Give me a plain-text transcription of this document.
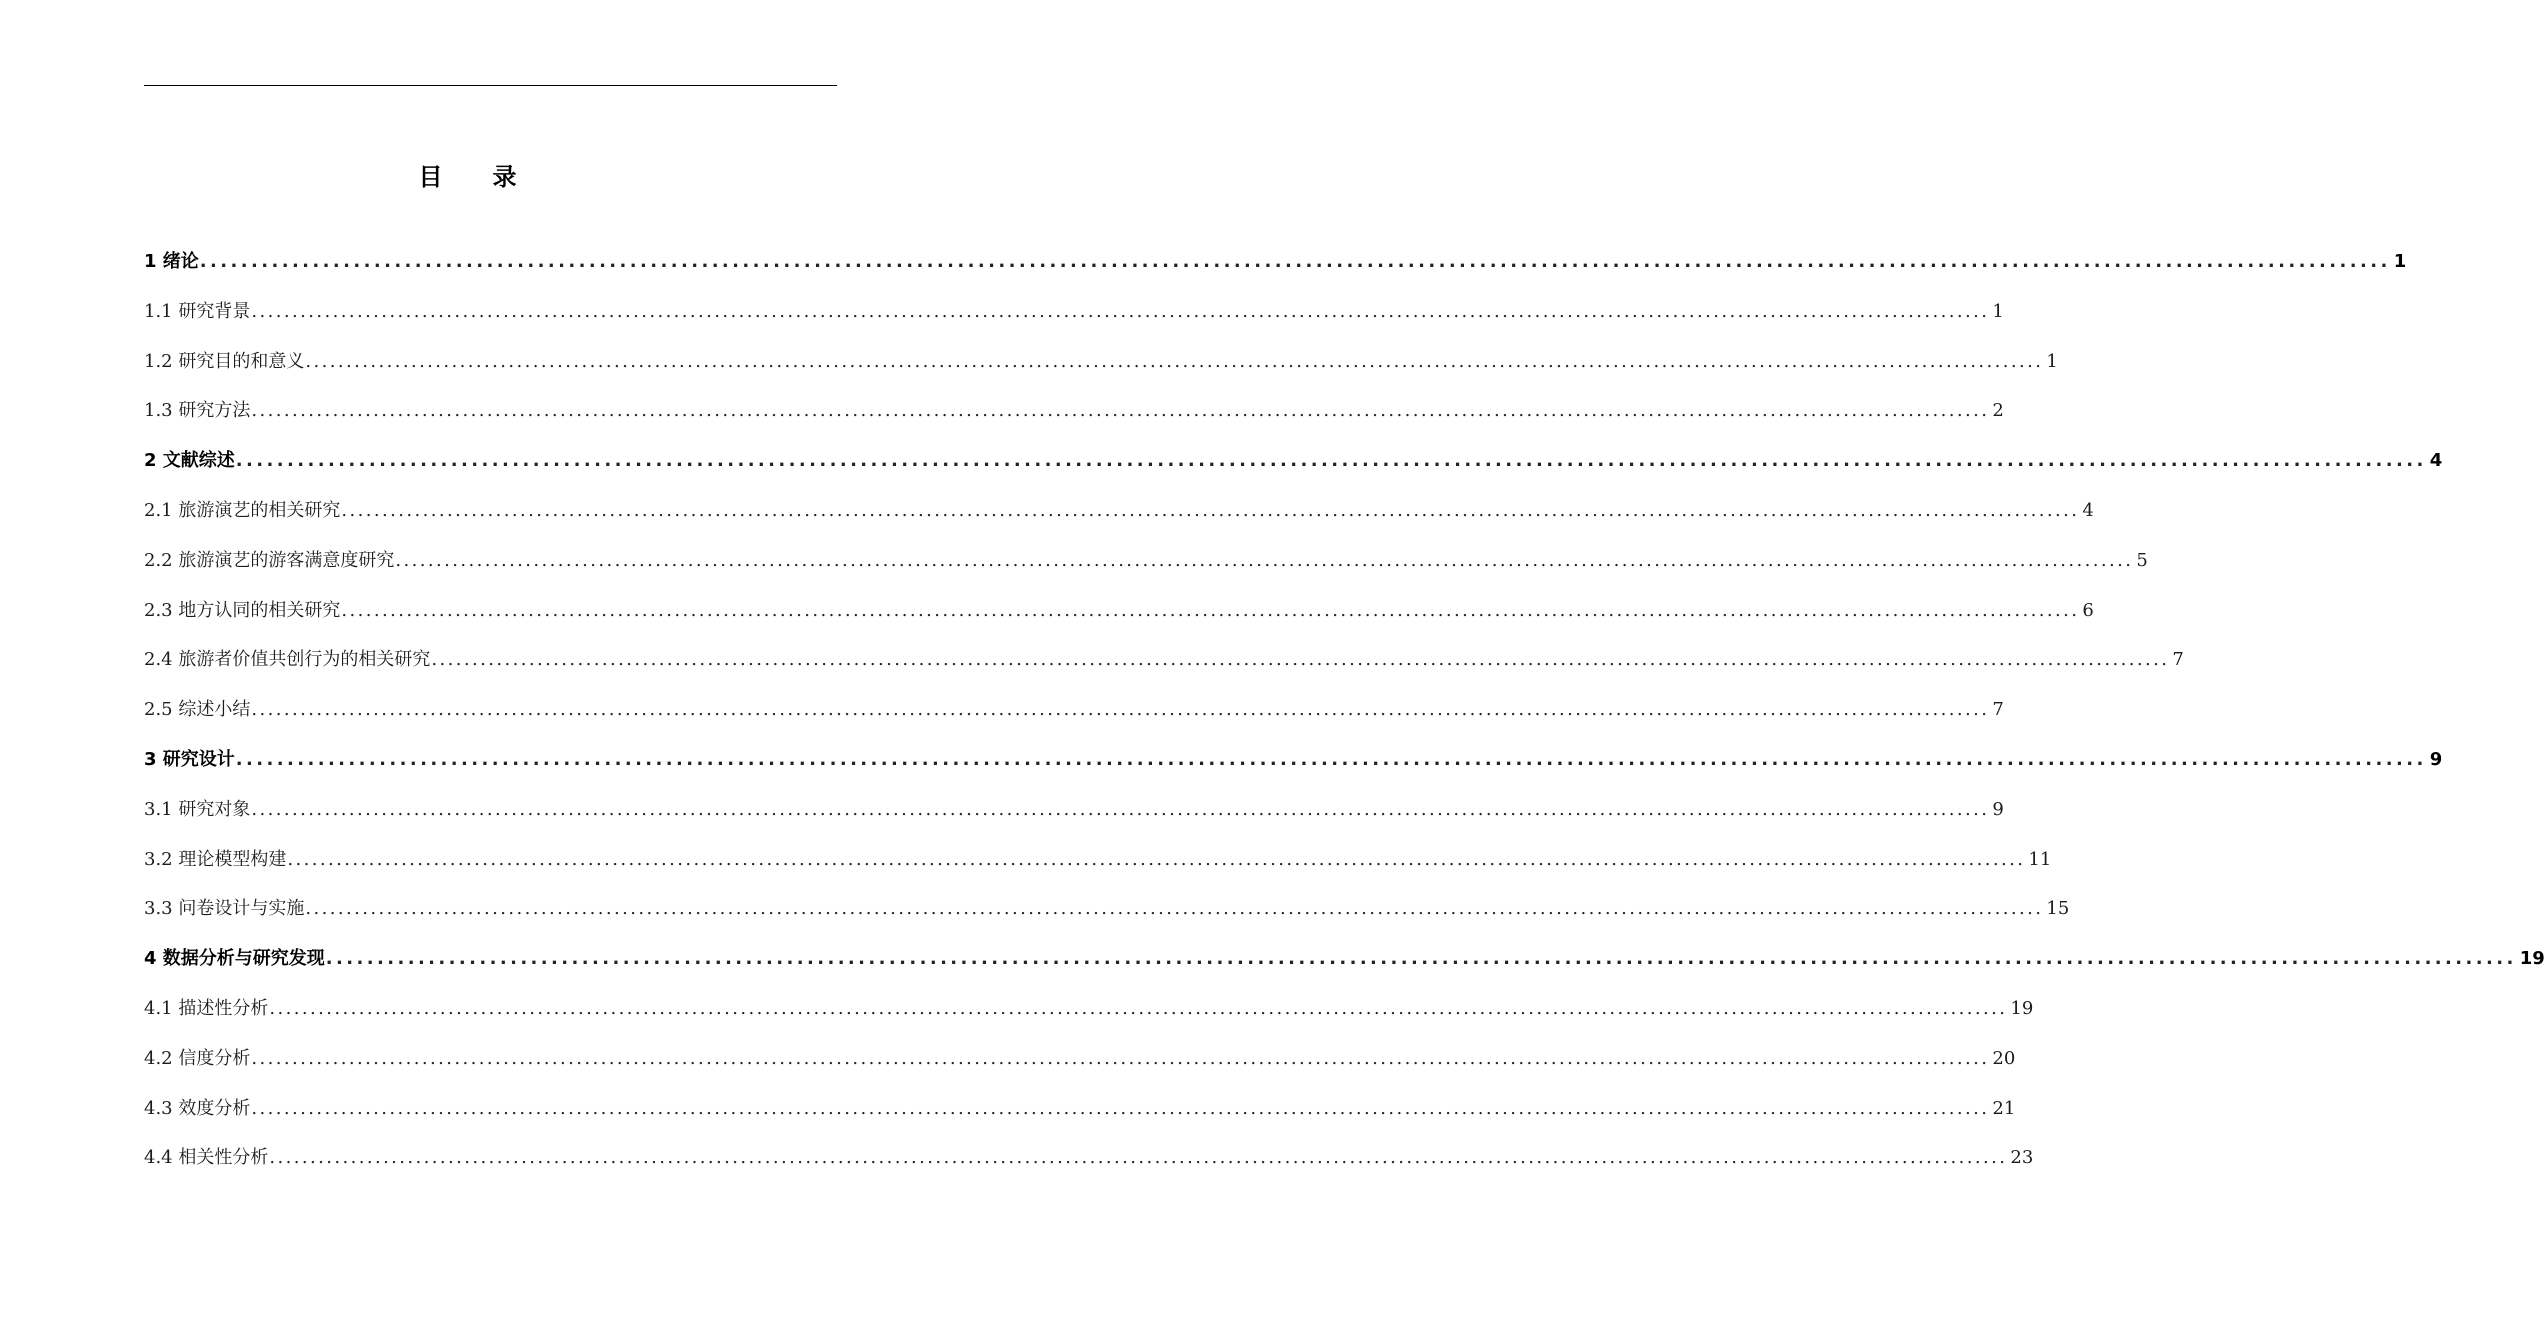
目录
1 绪论 ...................................................................................................................................................................................................................... 1
1.1 研究背景 ...................................................................................................................................................................................................................... 1
1.2 研究目的和意义 ...................................................................................................................................................................................................................... 1
1.3 研究方法 ...................................................................................................................................................................................................................... 2
2 文献综述 ...................................................................................................................................................................................................................... 4
2.1 旅游演艺的相关研究 ...................................................................................................................................................................................................................... 4
2.2 旅游演艺的游客满意度研究 ...................................................................................................................................................................................................................... 5
2.3 地方认同的相关研究 ...................................................................................................................................................................................................................... 6
2.4 旅游者价值共创行为的相关研究 ...................................................................................................................................................................................................................... 7
2.5 综述小结 ...................................................................................................................................................................................................................... 7
3 研究设计 ...................................................................................................................................................................................................................... 9
3.1 研究对象 ...................................................................................................................................................................................................................... 9
3.2 理论模型构建 ...................................................................................................................................................................................................................... 11
3.3 问卷设计与实施 ...................................................................................................................................................................................................................... 15
4 数据分析与研究发现 ...................................................................................................................................................................................................................... 19
4.1 描述性分析 ...................................................................................................................................................................................................................... 19
4.2 信度分析 ...................................................................................................................................................................................................................... 20
4.3 效度分析 ...................................................................................................................................................................................................................... 21
4.4 相关性分析 ...................................................................................................................................................................................................................... 23
